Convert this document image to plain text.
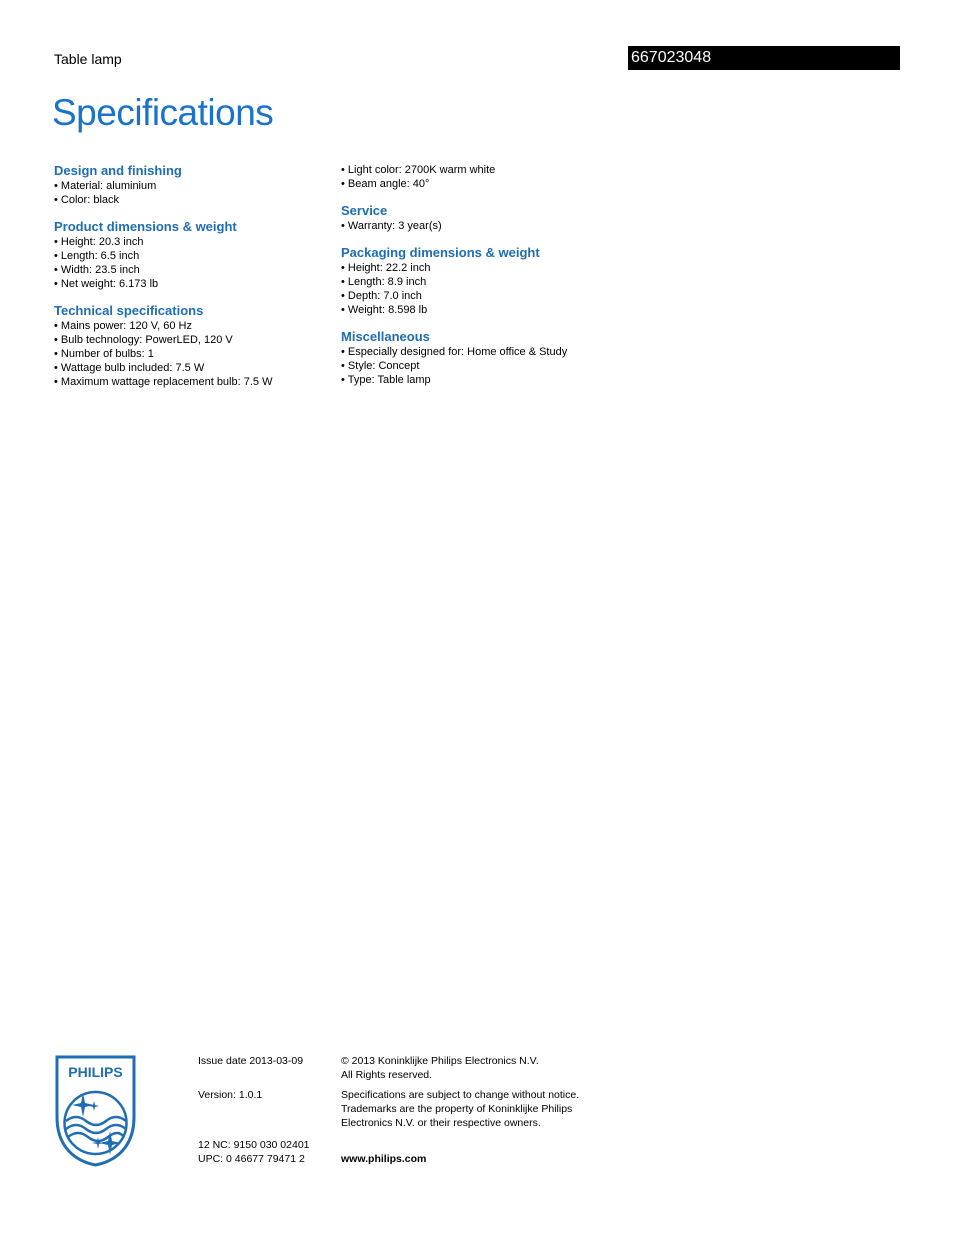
Table lamp	667023048
Specifications
Design and finishing
• Material: aluminium
• Color: black
Product dimensions & weight
• Height: 20.3 inch
• Length: 6.5 inch
• Width: 23.5 inch
• Net weight: 6.173 lb
Technical specifications
• Mains power: 120 V, 60 Hz
• Bulb technology: PowerLED, 120 V
• Number of bulbs: 1
• Wattage bulb included: 7.5 W
• Maximum wattage replacement bulb: 7.5 W
• Light color: 2700K warm white
• Beam angle: 40°
Service
• Warranty: 3 year(s)
Packaging dimensions & weight
• Height: 22.2 inch
• Length: 8.9 inch
• Depth: 7.0 inch
• Weight: 8.598 lb
Miscellaneous
• Especially designed for: Home office & Study
• Style: Concept
• Type: Table lamp
PHILIPS

Issue date 2013-03-09

Version: 1.0.1

12 NC: 9150 030 02401

UPC: 0 46677 79471 2

© 2013 Koninklijke Philips Electronics N.V.

All Rights reserved.

Specifications are subject to change without notice.

Trademarks are the property of Koninklijke Philips

Electronics N.V. or their respective owners.

www.philips.com
